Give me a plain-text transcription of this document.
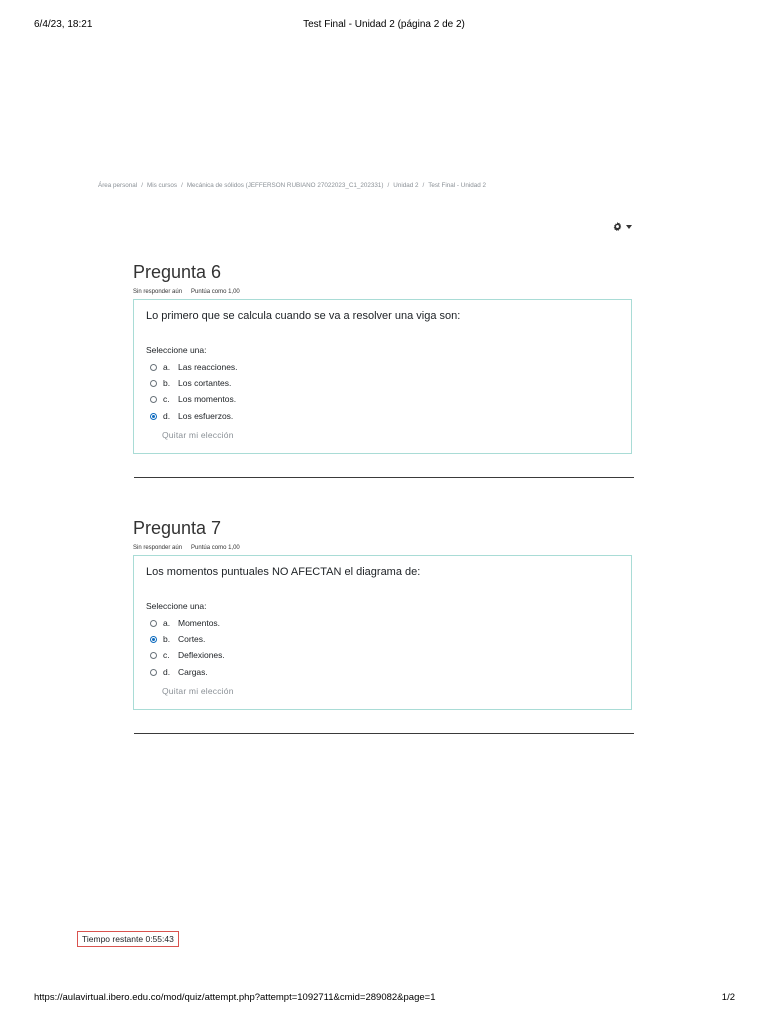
6/4/23, 18:21	Test Final - Unidad 2 (página 2 de 2)
Área personal / Mis cursos / Mecánica de sólidos (JEFFERSON RUBIANO 27022023_C1_202331) / Unidad 2 / Test Final - Unidad 2
Pregunta 6
Sin responder aún Puntúa como 1,00
Lo primero que se calcula cuando se va a resolver una viga son:
Seleccione una:
a. Las reacciones.
b. Los cortantes.
c. Los momentos.
d. Los esfuerzos.
Quitar mi elección
Pregunta 7
Sin responder aún Puntúa como 1,00
Los momentos puntuales NO AFECTAN el diagrama de:
Seleccione una:
a. Momentos.
b. Cortes.
c. Deflexiones.
d. Cargas.
Quitar mi elección
Tiempo restante 0:55:43
https://aulavirtual.ibero.edu.co/mod/quiz/attempt.php?attempt=1092711&cmid=289082&page=1	1/2
